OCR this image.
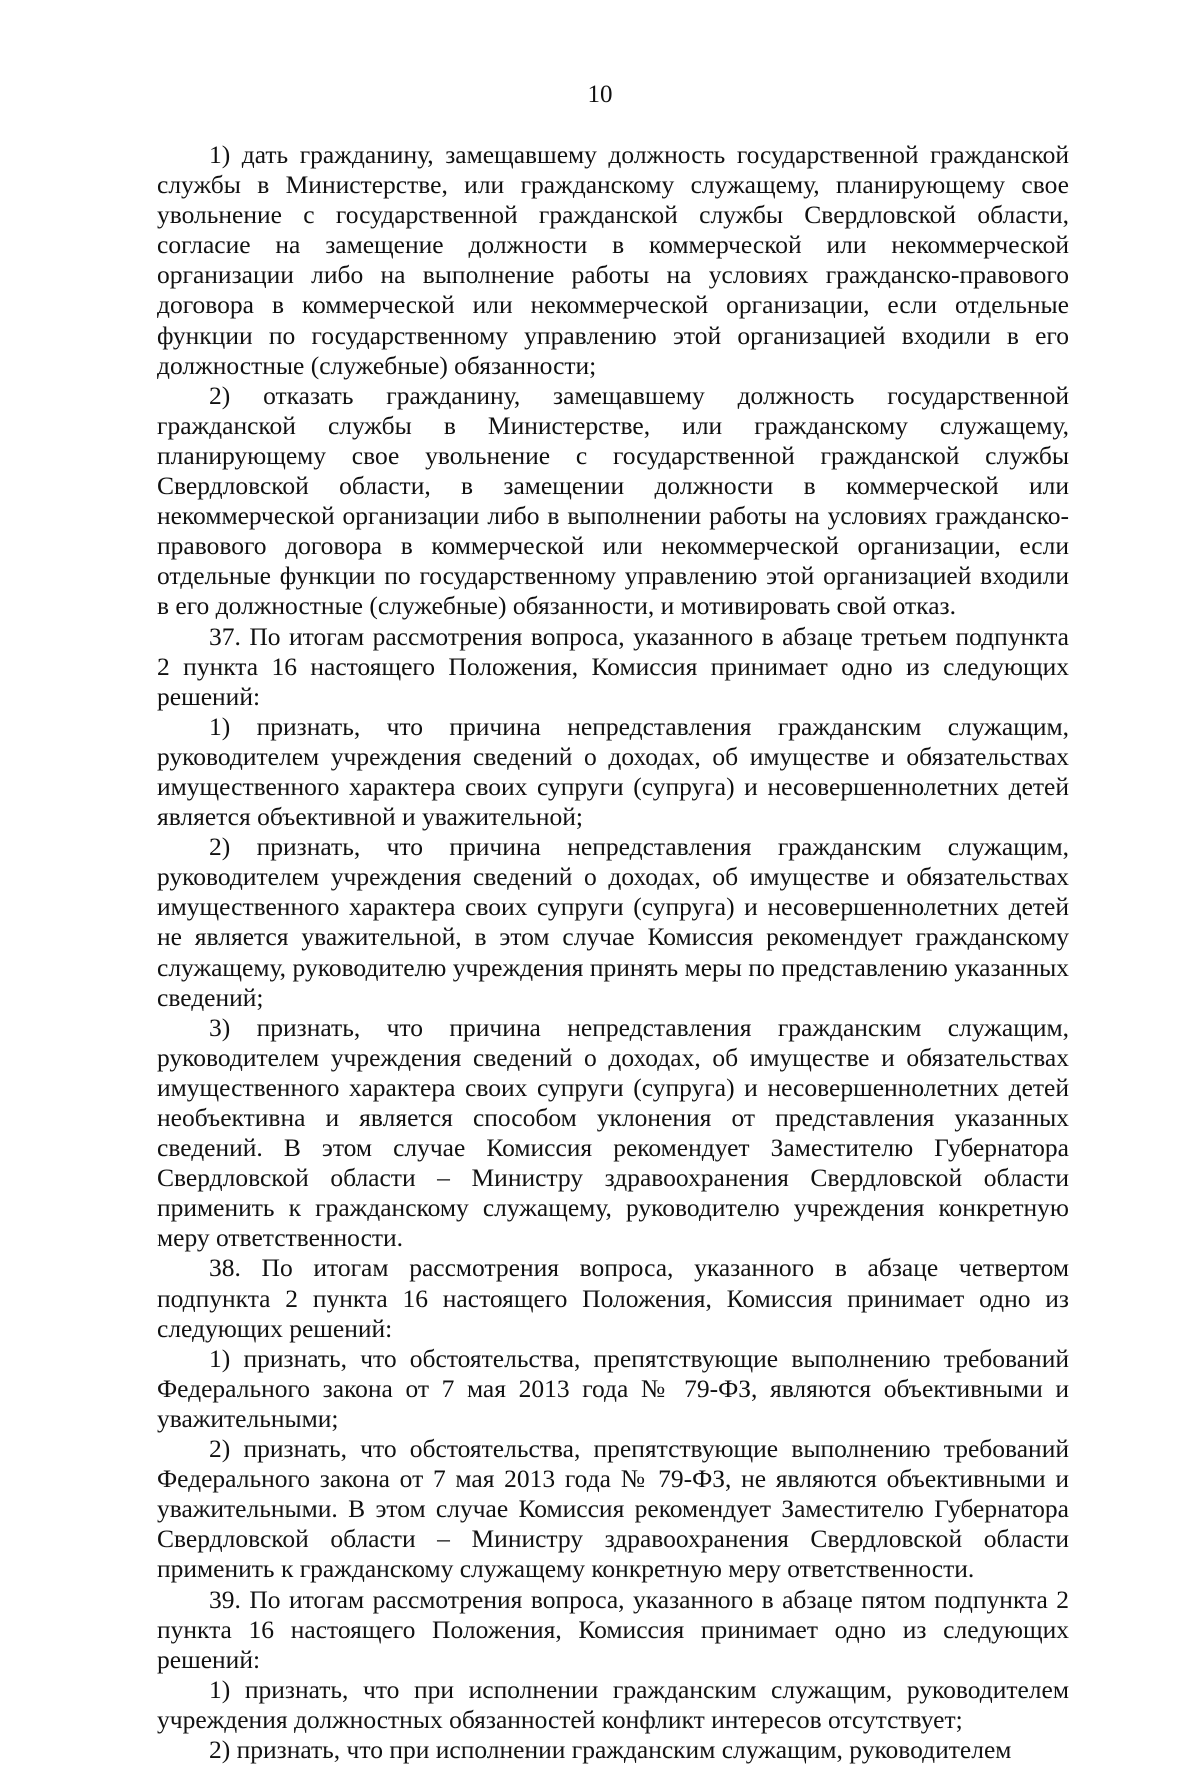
10

1) дать гражданину, замещавшему должность государственной гражданской службы в Министерстве, или гражданскому служащему, планирующему свое увольнение с государственной гражданской службы Свердловской области, согласие на замещение должности в коммерческой или некоммерческой организации либо на выполнение работы на условиях гражданско-правового договора в коммерческой или некоммерческой организации, если отдельные функции по государственному управлению этой организацией входили в его должностные (служебные) обязанности;

2) отказать гражданину, замещавшему должность государственной гражданской службы в Министерстве, или гражданскому служащему, планирующему свое увольнение с государственной гражданской службы Свердловской области, в замещении должности в коммерческой или некоммерческой организации либо в выполнении работы на условиях гражданско-правового договора в коммерческой или некоммерческой организации, если отдельные функции по государственному управлению этой организацией входили в его должностные (служебные) обязанности, и мотивировать свой отказ.

37. По итогам рассмотрения вопроса, указанного в абзаце третьем подпункта 2 пункта 16 настоящего Положения, Комиссия принимает одно из следующих решений:

1) признать, что причина непредставления гражданским служащим, руководителем учреждения сведений о доходах, об имуществе и обязательствах имущественного характера своих супруги (супруга) и несовершеннолетних детей является объективной и уважительной;

2) признать, что причина непредставления гражданским служащим, руководителем учреждения сведений о доходах, об имуществе и обязательствах имущественного характера своих супруги (супруга) и несовершеннолетних детей не является уважительной, в этом случае Комиссия рекомендует гражданскому служащему, руководителю учреждения принять меры по представлению указанных сведений;

3) признать, что причина непредставления гражданским служащим, руководителем учреждения сведений о доходах, об имуществе и обязательствах имущественного характера своих супруги (супруга) и несовершеннолетних детей необъективна и является способом уклонения от представления указанных сведений. В этом случае Комиссия рекомендует Заместителю Губернатора Свердловской области – Министру здравоохранения Свердловской области применить к гражданскому служащему, руководителю учреждения конкретную меру ответственности.

38. По итогам рассмотрения вопроса, указанного в абзаце четвертом подпункта 2 пункта 16 настоящего Положения, Комиссия принимает одно из следующих решений:

1) признать, что обстоятельства, препятствующие выполнению требований Федерального закона от 7 мая 2013 года № 79-ФЗ, являются объективными и уважительными;

2) признать, что обстоятельства, препятствующие выполнению требований Федерального закона от 7 мая 2013 года № 79-ФЗ, не являются объективными и уважительными. В этом случае Комиссия рекомендует Заместителю Губернатора Свердловской области – Министру здравоохранения Свердловской области применить к гражданскому служащему конкретную меру ответственности.

39. По итогам рассмотрения вопроса, указанного в абзаце пятом подпункта 2 пункта 16 настоящего Положения, Комиссия принимает одно из следующих решений:

1) признать, что при исполнении гражданским служащим, руководителем учреждения должностных обязанностей конфликт интересов отсутствует;

2) признать, что при исполнении гражданским служащим, руководителем
